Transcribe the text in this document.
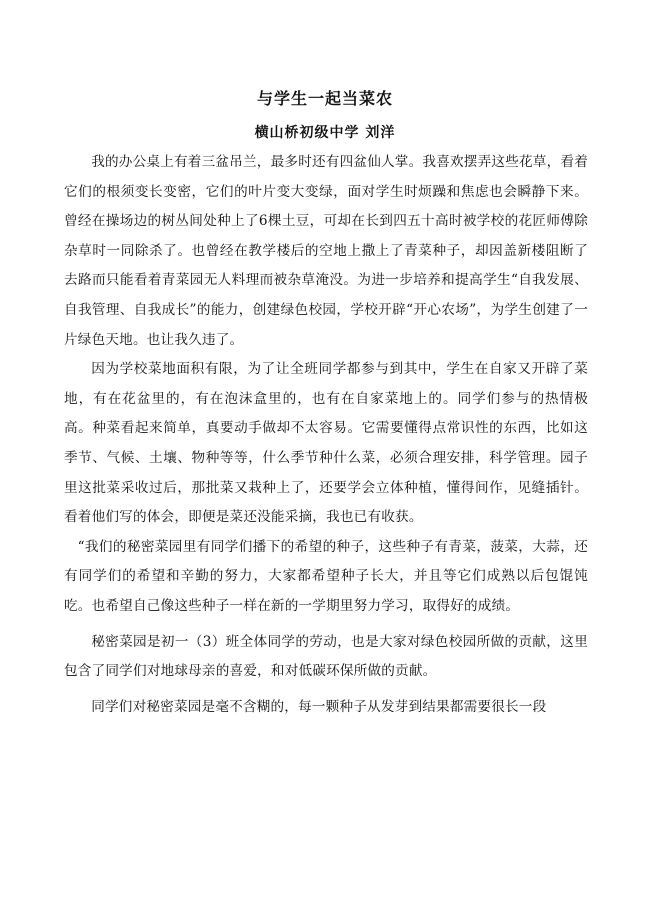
与学生一起当菜农
横山桥初级中学 刘洋

我的办公桌上有着三盆吊兰，最多时还有四盆仙人掌。我喜欢摆弄这些花草，看着它们的根须变长变密，它们的叶片变大变绿，面对学生时烦躁和焦虑也会瞬静下来。曾经在操场边的树丛间处种上了6棵土豆，可却在长到四五十高时被学校的花匠师傅除杂草时一同除杀了。也曾经在教学楼后的空地上撒上了青菜种子，却因盖新楼阻断了去路而只能看着青菜园无人料理而被杂草淹没。为进一步培养和提高学生“自我发展、自我管理、自我成长”的能力，创建绿色校园，学校开辟“开心农场”，为学生创建了一片绿色天地。也让我久违了。

因为学校菜地面积有限，为了让全班同学都参与到其中，学生在自家又开辟了菜地，有在花盆里的，有在泡沫盒里的，也有在自家菜地上的。同学们参与的热情极高。种菜看起来简单，真要动手做却不太容易。它需要懂得点常识性的东西，比如这季节、气候、土壤、物种等等，什么季节种什么菜，必须合理安排，科学管理。园子里这批菜采收过后，那批菜又栽种上了，还要学会立体种植，懂得间作，见缝插针。看着他们写的体会，即便是菜还没能采摘，我也已有收获。

“我们的秘密菜园里有同学们播下的希望的种子，这些种子有青菜，菠菜，大蒜，还有同学们的希望和辛勤的努力，大家都希望种子长大，并且等它们成熟以后包馄饨吃。也希望自己像这些种子一样在新的一学期里努力学习，取得好的成绩。

秘密菜园是初一（3）班全体同学的劳动，也是大家对绿色校园所做的贡献，这里包含了同学们对地球母亲的喜爱，和对低碳环保所做的贡献。

同学们对秘密菜园是毫不含糊的，每一颗种子从发芽到结果都需要很长一段
